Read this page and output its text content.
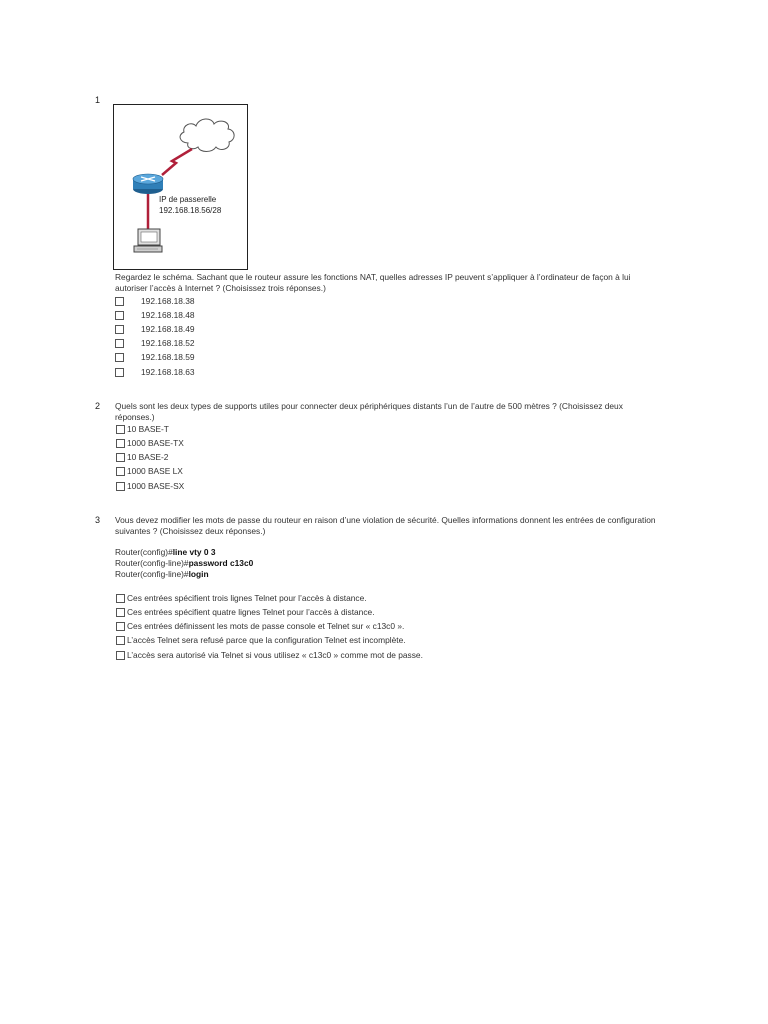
1
IP de passerelle
192.168.18.56/28
Regardez le schéma. Sachant que le routeur assure les fonctions NAT, quelles adresses IP peuvent s’appliquer à l’ordinateur de façon à lui autoriser l’accès à Internet ? (Choisissez trois réponses.)
192.168.18.38
192.168.18.48
192.168.18.49
192.168.18.52
192.168.18.59
192.168.18.63
2 Quels sont les deux types de supports utiles pour connecter deux périphériques distants l’un de l’autre de 500 mètres ? (Choisissez deux réponses.)
10 BASE-T
1000 BASE-TX
10 BASE-2
1000 BASE LX
1000 BASE-SX
3 Vous devez modifier les mots de passe du routeur en raison d’une violation de sécurité. Quelles informations donnent les entrées de configuration suivantes ? (Choisissez deux réponses.)
Router(config)#line vty 0 3
Router(config-line)#password c13c0
Router(config-line)#login
Ces entrées spécifient trois lignes Telnet pour l’accès à distance.
Ces entrées spécifient quatre lignes Telnet pour l’accès à distance.
Ces entrées définissent les mots de passe console et Telnet sur « c13c0 ».
L’accès Telnet sera refusé parce que la configuration Telnet est incomplète.
L’accès sera autorisé via Telnet si vous utilisez « c13c0 » comme mot de passe.
